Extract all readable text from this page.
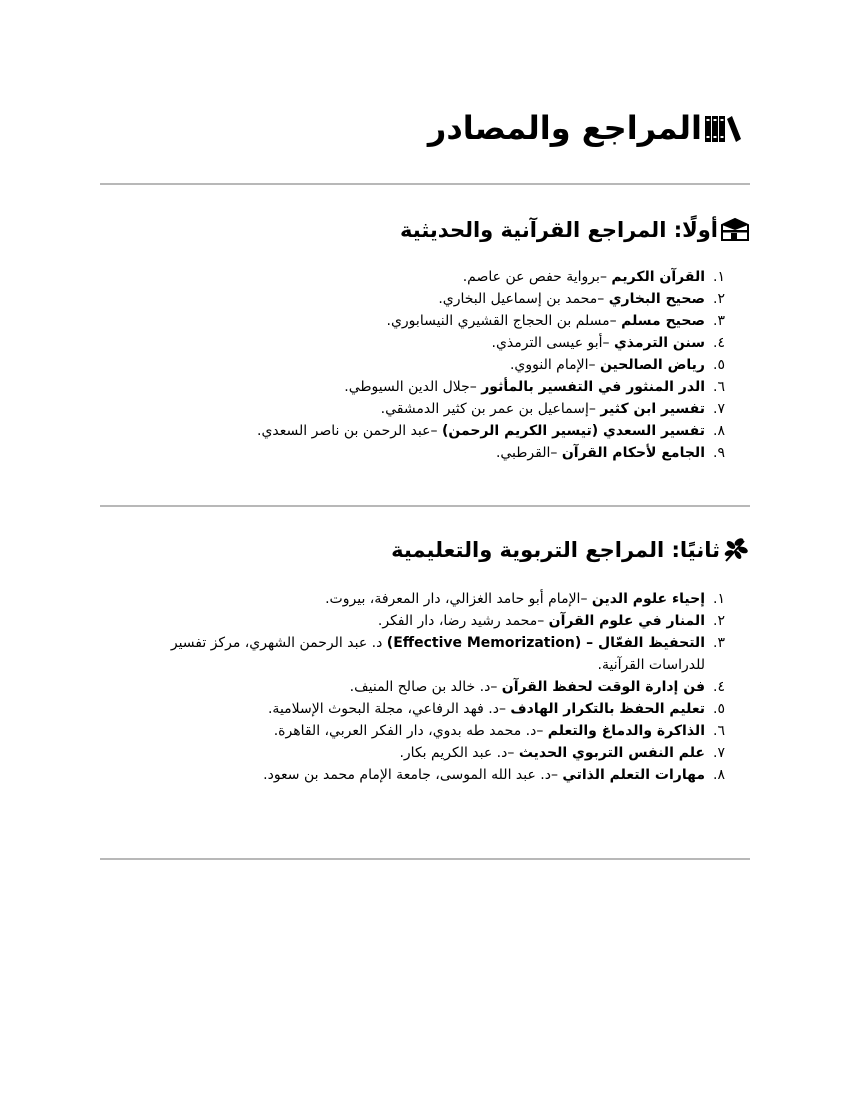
المراجع والمصادر
أولًا: المراجع القرآنية والحديثية
١.
القرآن الكريم –برواية حفص عن عاصم.
٢.
صحيح البخاري –محمد بن إسماعيل البخاري.
٣.
صحيح مسلم –مسلم بن الحجاج القشيري النيسابوري.
٤.
سنن الترمذي –أبو عيسى الترمذي.
٥.
رياض الصالحين –الإمام النووي.
٦.
الدر المنثور في التفسير بالمأثور –جلال الدين السيوطي.
٧.
تفسير ابن كثير –إسماعيل بن عمر بن كثير الدمشقي.
٨.
تفسير السعدي (تيسير الكريم الرحمن) –عبد الرحمن بن ناصر السعدي.
٩.
الجامع لأحكام القرآن –القرطبي.
ثانيًا: المراجع التربوية والتعليمية
١.
إحياء علوم الدين –الإمام أبو حامد الغزالي، دار المعرفة، بيروت.
٢.
المنار في علوم القرآن –محمد رشيد رضا، دار الفكر.
٣.
التحفيظ الفعّال – (Effective Memorization) د. عبد الرحمن الشهري، مركز تفسير للدراسات القرآنية.
٤.
فن إدارة الوقت لحفظ القرآن –د. خالد بن صالح المنيف.
٥.
تعليم الحفظ بالتكرار الهادف –د. فهد الرفاعي، مجلة البحوث الإسلامية.
٦.
الذاكرة والدماغ والتعلم –د. محمد طه بدوي، دار الفكر العربي، القاهرة.
٧.
علم النفس التربوي الحديث –د. عبد الكريم بكار.
٨.
مهارات التعلم الذاتي –د. عبد الله الموسى، جامعة الإمام محمد بن سعود.
